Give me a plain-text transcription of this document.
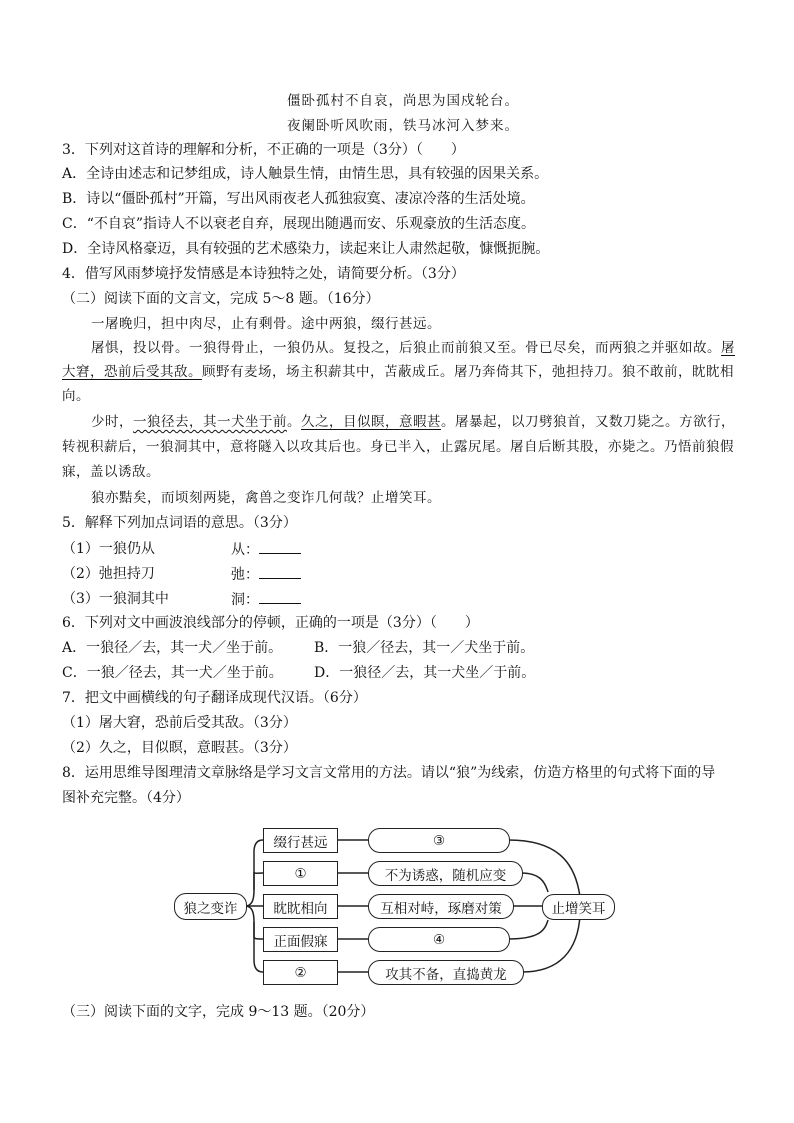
僵卧孤村不自哀，尚思为国戍轮台。
夜阑卧听风吹雨，铁马冰河入梦来。
3．下列对这首诗的理解和分析，不正确的一项是（3分）（　　）
A．全诗由述志和记梦组成，诗人触景生情，由情生思，具有较强的因果关系。
B．诗以“僵卧孤村”开篇，写出风雨夜老人孤独寂寞、凄凉冷落的生活处境。
C．“不自哀”指诗人不以衰老自弃，展现出随遇而安、乐观豪放的生活态度。
D．全诗风格豪迈，具有较强的艺术感染力，读起来让人肃然起敬，慷慨扼腕。
4．借写风雨梦境抒发情感是本诗独特之处，请简要分析。（3分）
（二）阅读下面的文言文，完成 5～8 题。（16分）
一屠晚归，担中肉尽，止有剩骨。途中两狼，缀行甚远。
屠惧，投以骨。一狼得骨止，一狼仍从。复投之，后狼止而前狼又至。骨已尽矣，而两狼之并驱如故。屠
大窘，恐前后受其敌。顾野有麦场，场主积薪其中，苫蔽成丘。屠乃奔倚其下，弛担持刀。狼不敢前，眈眈相
向。
少时，一狼径去，其一犬坐于前。久之，目似瞑，意暇甚。屠暴起，以刀劈狼首，又数刀毙之。方欲行，
转视积薪后，一狼洞其中，意将隧入以攻其后也。身已半入，止露尻尾。屠自后断其股，亦毙之。乃悟前狼假
寐，盖以诱敌。
狼亦黠矣，而顷刻两毙，禽兽之变诈几何哉？止增笑耳。
5．解释下列加点词语的意思。（3分）
（1）一狼仍从	从：
（2）弛担持刀	弛：
（3）一狼洞其中	洞：
6．下列对文中画波浪线部分的停顿，正确的一项是（3分）（　　）
A．一狼径／去，其一犬／坐于前。 B．一狼／径去，其一／犬坐于前。
C．一狼／径去，其一犬／坐于前。 D．一狼径／去，其一犬坐／于前。
7．把文中画横线的句子翻译成现代汉语。（6分）
（1）屠大窘，恐前后受其敌。（3分）
（2）久之，目似瞑，意暇甚。（3分）
8．运用思维导图理清文章脉络是学习文言文常用的方法。请以“狼”为线索，仿造方格里的句式将下面的导
图补充完整。（4分）
狼之变诈
缀行甚远
①
眈眈相向
正面假寐
②
③
不为诱惑，随机应变
互相对峙，琢磨对策
④
攻其不备，直捣黄龙
止增笑耳
（三）阅读下面的文字，完成 9～13 题。（20分）
